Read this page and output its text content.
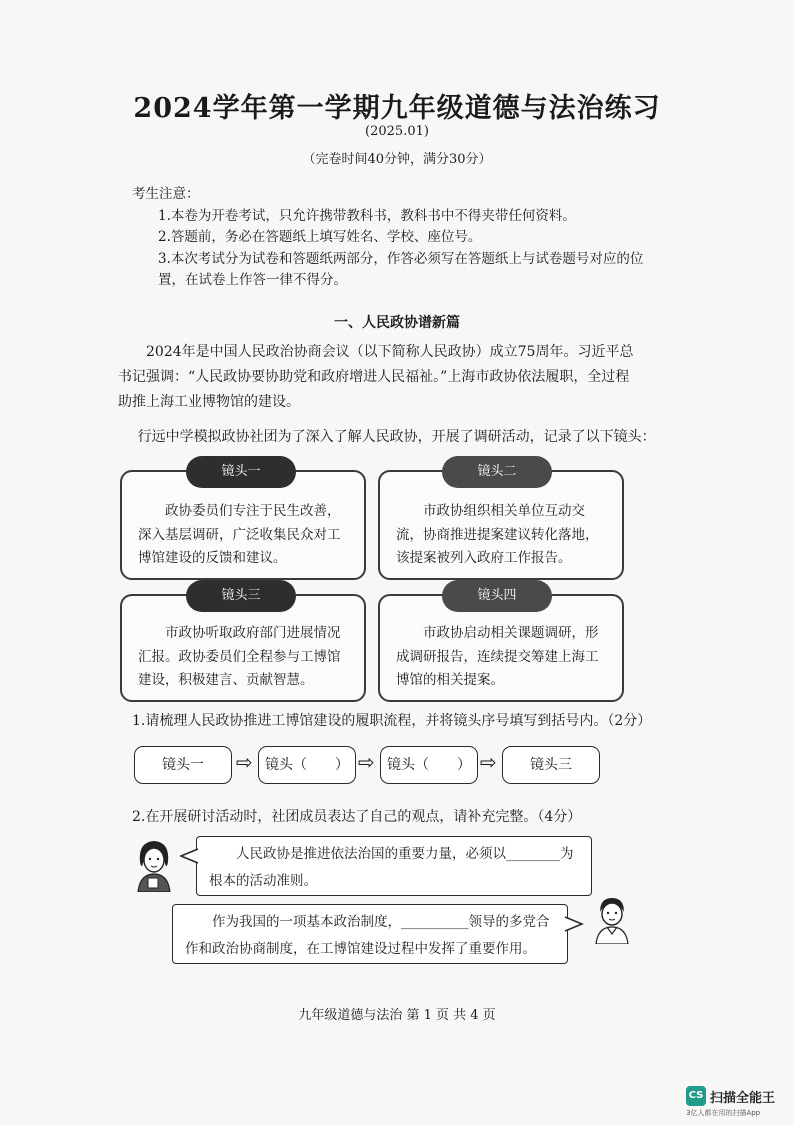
2024学年第一学期九年级道德与法治练习
(2025.01)
（完卷时间40分钟，满分30分）
考生注意：
1.本卷为开卷考试，只允许携带教科书，教科书中不得夹带任何资料。
2.答题前，务必在答题纸上填写姓名、学校、座位号。
3.本次考试分为试卷和答题纸两部分，作答必须写在答题纸上与试卷题号对应的位
置，在试卷上作答一律不得分。
一、人民政协谱新篇
2024年是中国人民政治协商会议（以下简称人民政协）成立75周年。习近平总书记强调：“人民政协要协助党和政府增进人民福祉。”上海市政协依法履职，全过程助推上海工业博物馆的建设。
行远中学模拟政协社团为了深入了解人民政协，开展了调研活动，记录了以下镜头：
政协委员们专注于民生改善，深入基层调研，广泛收集民众对工博馆建设的反馈和建议。
镜头一
市政协组织相关单位互动交流，协商推进提案建议转化落地，该提案被列入政府工作报告。
镜头二
市政协听取政府部门进展情况汇报。政协委员们全程参与工博馆建设，积极建言、贡献智慧。
镜头三
市政协启动相关课题调研，形成调研报告，连续提交筹建上海工博馆的相关提案。
镜头四
1.请梳理人民政协推进工博馆建设的履职流程，并将镜头序号填写到括号内。（2分）
镜头一	⇨ 镜头（　　） ⇨ 镜头（　　） ⇨	镜头三
2.在开展研讨活动时，社团成员表达了自己的观点，请补充完整。（4分）
人民政协是推进依法治国的重要力量，必须以________为
根本的活动准则。
作为我国的一项基本政治制度，__________领导的多党合
作和政治协商制度，在工博馆建设过程中发挥了重要作用。
九年级道德与法治 第 1 页 共 4 页
CS 扫描全能王
3亿人都在用的扫描App
